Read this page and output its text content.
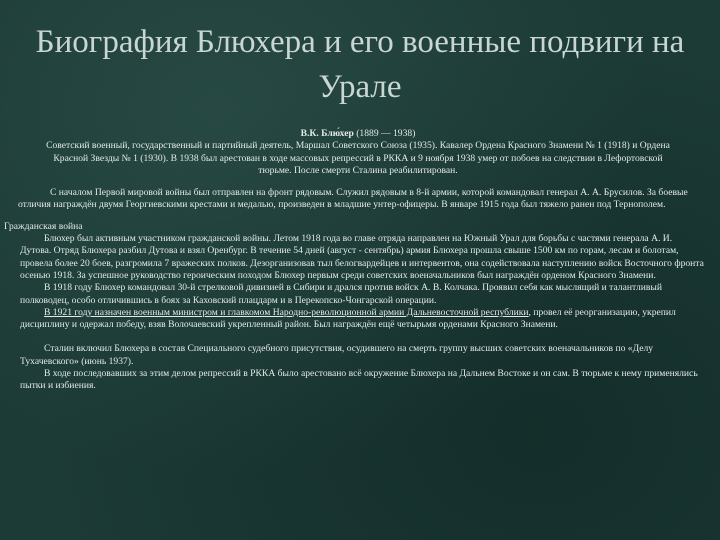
Биография Блюхера и его военные подвиги на Урале
В.К. Блю́хер (1889 — 1938)

Советский военный, государственный и партийный деятель, Маршал Советского Союза (1935). Кавалер Ордена Красного Знамени № 1 (1918) и Ордена Красной Звезды № 1 (1930). В 1938 был арестован в ходе массовых репрессий в РККА и 9 ноября 1938 умер от побоев на следствии в Лефортовской тюрьме. После смерти Сталина реабилитирован.

С началом Первой мировой войны был отправлен на фронт рядовым. Служил рядовым в 8-й армии, которой командовал генерал А. А. Брусилов. За боевые отличия награждён двумя Георгиевскими крестами и медалью, произведен в младшие унтер-офицеры. В январе 1915 года был тяжело ранен под Тернополем.

Гражданская война

Блюхер был активным участником гражданской войны. Летом 1918 года во главе отряда направлен на Южный Урал для борьбы с частями генерала А. И. Дутова. Отряд Блюхера разбил Дутова и взял Оренбург. В течение 54 дней (август - сентябрь) армия Блюхера прошла свыше 1500 км по горам, лесам и болотам, провела более 20 боев, разгромила 7 вражеских полков. Дезорганизовав тыл белогвардейцев и интервентов, она содействовала наступлению войск Восточного фронта осенью 1918. За успешное руководство героическим походом Блюхер первым среди советских военачальников был награждён орденом Красного Знамени.

В 1918 году Блюхер командовал 30-й стрелковой дивизией в Сибири и дрался против войск А. В. Колчака. Проявил себя как мыслящий и талантливый полководец, особо отличившись в боях за Каховский плацдарм и в Перекопско-Чонгарской операции.

В 1921 году назначен военным министром и главкомом Народно-революционной армии Дальневосточной республики, провел её реорганизацию, укрепил дисциплину и одержал победу, взяв Волочаевский укрепленный район. Был награждён ещё четырьмя орденами Красного Знамени.

Сталин включил Блюхера в состав Специального судебного присутствия, осудившего на смерть группу высших советских военачальников по «Делу Тухачевского» (июнь 1937).

В ходе последовавших за этим делом репрессий в РККА было арестовано всё окружение Блюхера на Дальнем Востоке и он сам. В тюрьме к нему применялись пытки и избиения.
